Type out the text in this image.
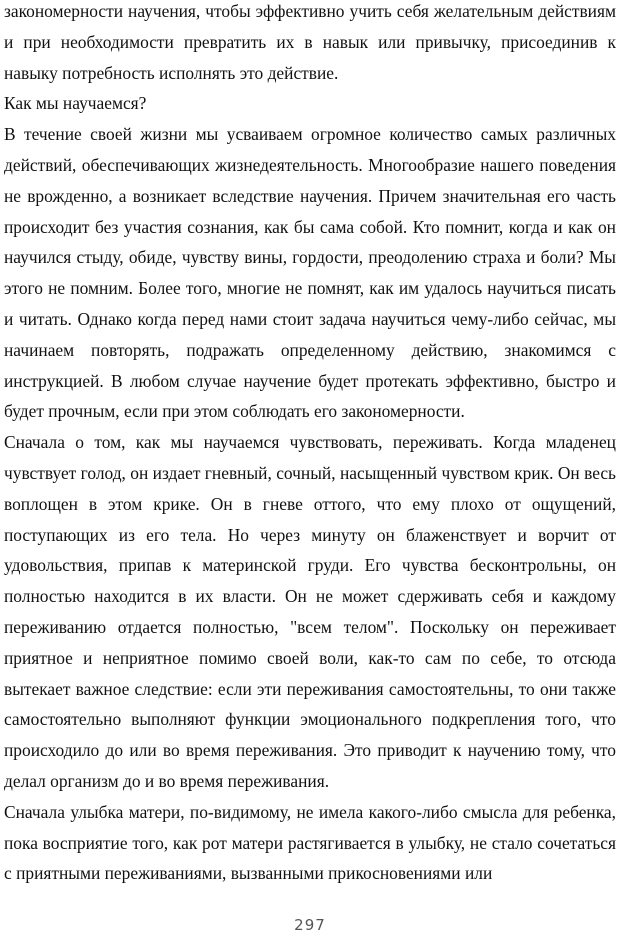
закономерности научения, чтобы эффективно учить себя желательным действиям и при необходимости превратить их в навык или привычку, присоединив к навыку потребность исполнять это действие.

Как мы научаемся?

В течение своей жизни мы усваиваем огромное количество самых различных действий, обеспечивающих жизнедеятельность. Многообразие нашего поведения не врожденно, а возникает вследствие научения. Причем значительная его часть происходит без участия сознания, как бы сама собой. Кто помнит, когда и как он научился стыду, обиде, чувству вины, гордости, преодолению страха и боли? Мы этого не помним. Более того, многие не помнят, как им удалось научиться писать и читать. Однако когда перед нами стоит задача научиться чему-либо сейчас, мы начинаем повторять, подражать определенному действию, знакомимся с инструкцией. В любом случае научение будет протекать эффективно, быстро и будет прочным, если при этом соблюдать его закономерности.

Сначала о том, как мы научаемся чувствовать, переживать. Когда младенец чувствует голод, он издает гневный, сочный, насыщенный чувством крик. Он весь воплощен в этом крике. Он в гневе оттого, что ему плохо от ощущений, поступающих из его тела. Но через минуту он блаженствует и ворчит от удовольствия, припав к материнской груди. Его чувства бесконтрольны, он полностью находится в их власти. Он не может сдерживать себя и каждому переживанию отдается полностью, "всем телом". Поскольку он переживает приятное и неприятное помимо своей воли, как-то сам по себе, то отсюда вытекает важное следствие: если эти переживания самостоятельны, то они также самостоятельно выполняют функции эмоционального подкрепления того, что происходило до или во время переживания. Это приводит к научению тому, что делал организм до и во время переживания.

Сначала улыбка матери, по-видимому, не имела какого-либо смысла для ребенка, пока восприятие того, как рот матери растягивается в улыбку, не стало сочетаться с приятными переживаниями, вызванными прикосновениями или

297
